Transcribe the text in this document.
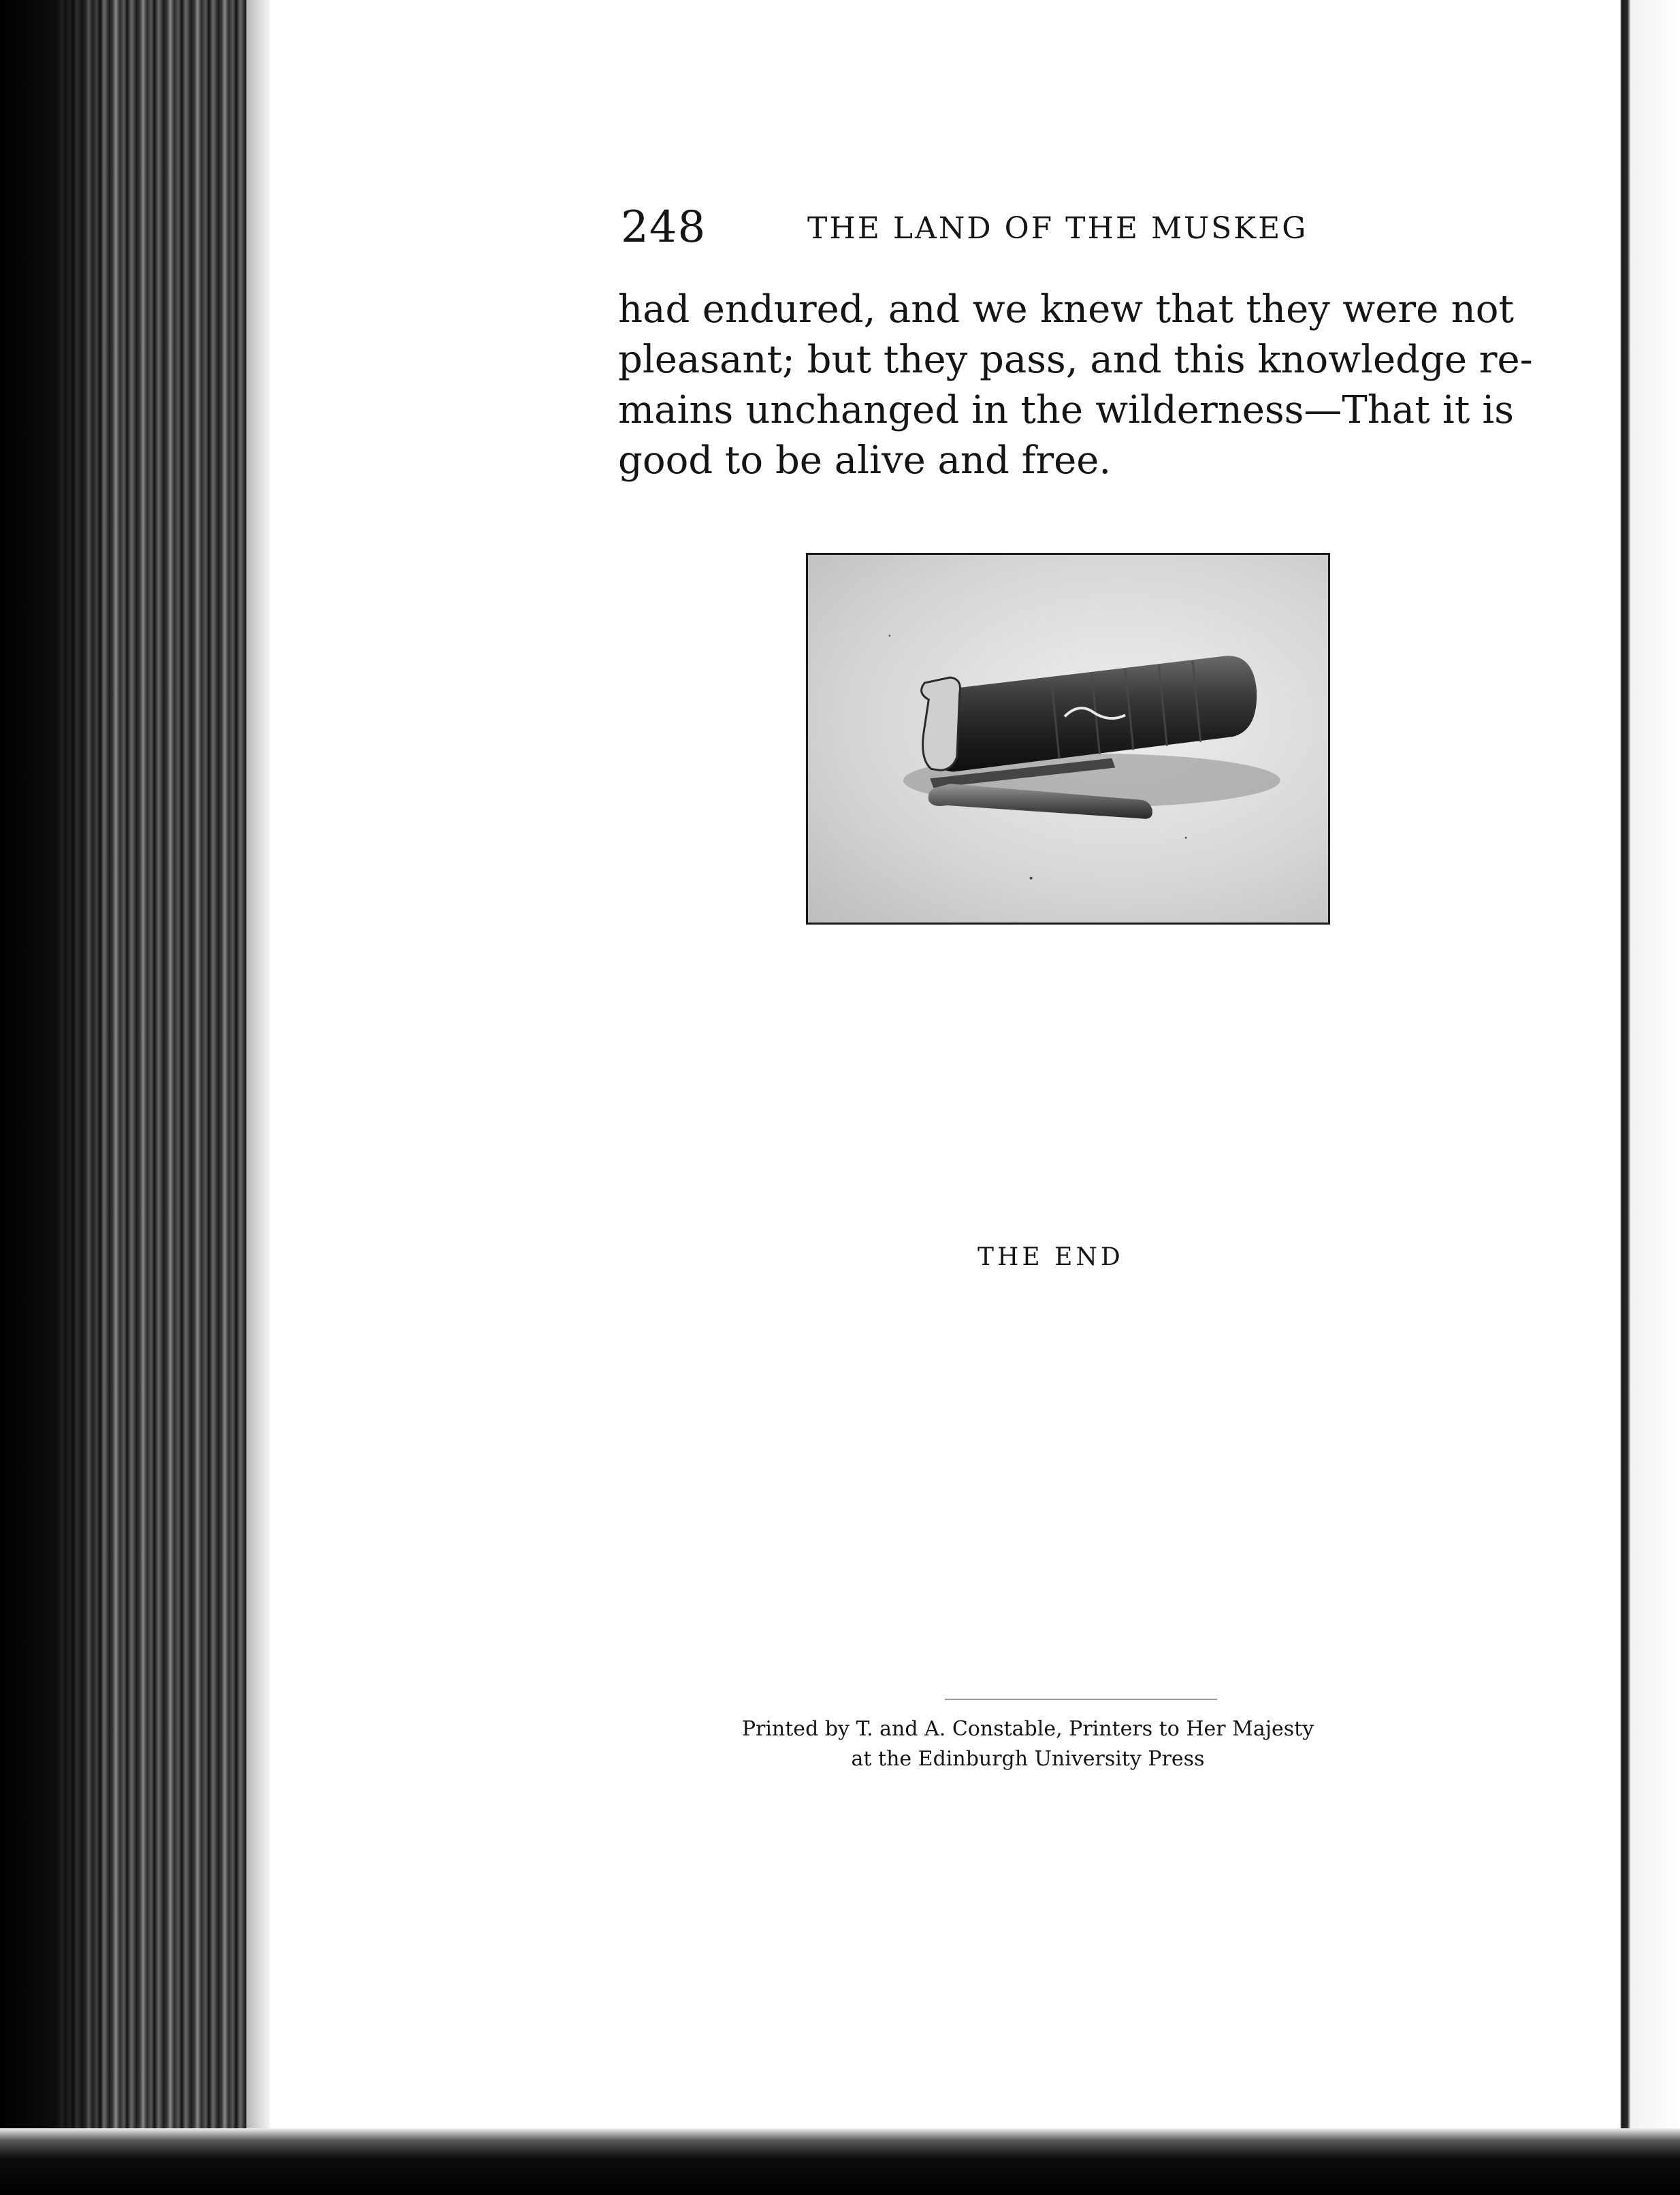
248	THE LAND OF THE MUSKEG
had endured, and we knew that they were not
pleasant; but they pass, and this knowledge re-
mains unchanged in the wilderness—That it is
good to be alive and free.
THE END
Printed by T. and A. Constable, Printers to Her Majesty
at the Edinburgh University Press
